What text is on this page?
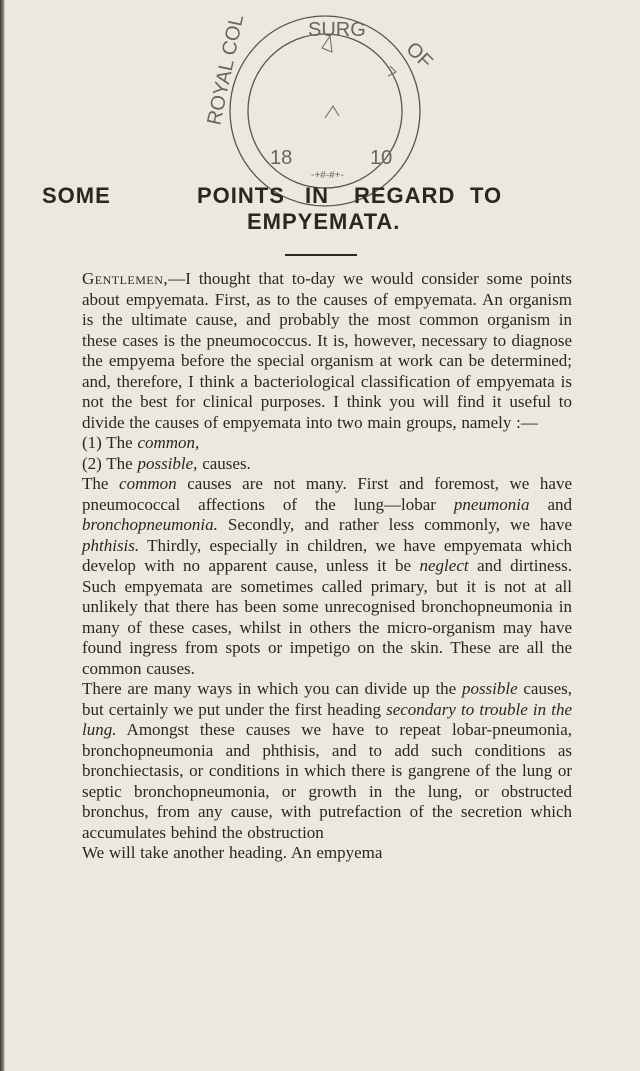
SURG
ROYAL COL	OF
18	10
-+#-#+-
SOME	POINTS IN REGARD TO
EMPYEMATA.

Gentlemen,—I thought that to-day we would consider some points about empyemata. First, as to the causes of empyemata. An organism is the ultimate cause, and probably the most common organism in these cases is the pneumococcus. It is, however, necessary to diagnose the empyema before the special organism at work can be determined; and, therefore, I think a bacteriological classification of empyemata is not the best for clinical purposes. I think you will find it useful to divide the causes of empyemata into two main groups, namely :—

(1) The common,

(2) The possible, causes.

The common causes are not many. First and foremost, we have pneumococcal affections of the lung—lobar pneumonia and bronchopneumonia. Secondly, and rather less commonly, we have phthisis. Thirdly, especially in children, we have empyemata which develop with no apparent cause, unless it be neglect and dirtiness. Such empyemata are sometimes called primary, but it is not at all unlikely that there has been some unrecognised bronchopneumonia in many of these cases, whilst in others the micro-organism may have found ingress from spots or impetigo on the skin. These are all the common causes.

There are many ways in which you can divide up the possible causes, but certainly we put under the first heading secondary to trouble in the lung. Amongst these causes we have to repeat lobar-pneumonia, bronchopneumonia and phthisis, and to add such conditions as bronchiectasis, or conditions in which there is gangrene of the lung or septic bronchopneumonia, or growth in the lung, or obstructed bronchus, from any cause, with putrefaction of the secretion which accumulates behind the obstruction

We will take another heading. An empyema
